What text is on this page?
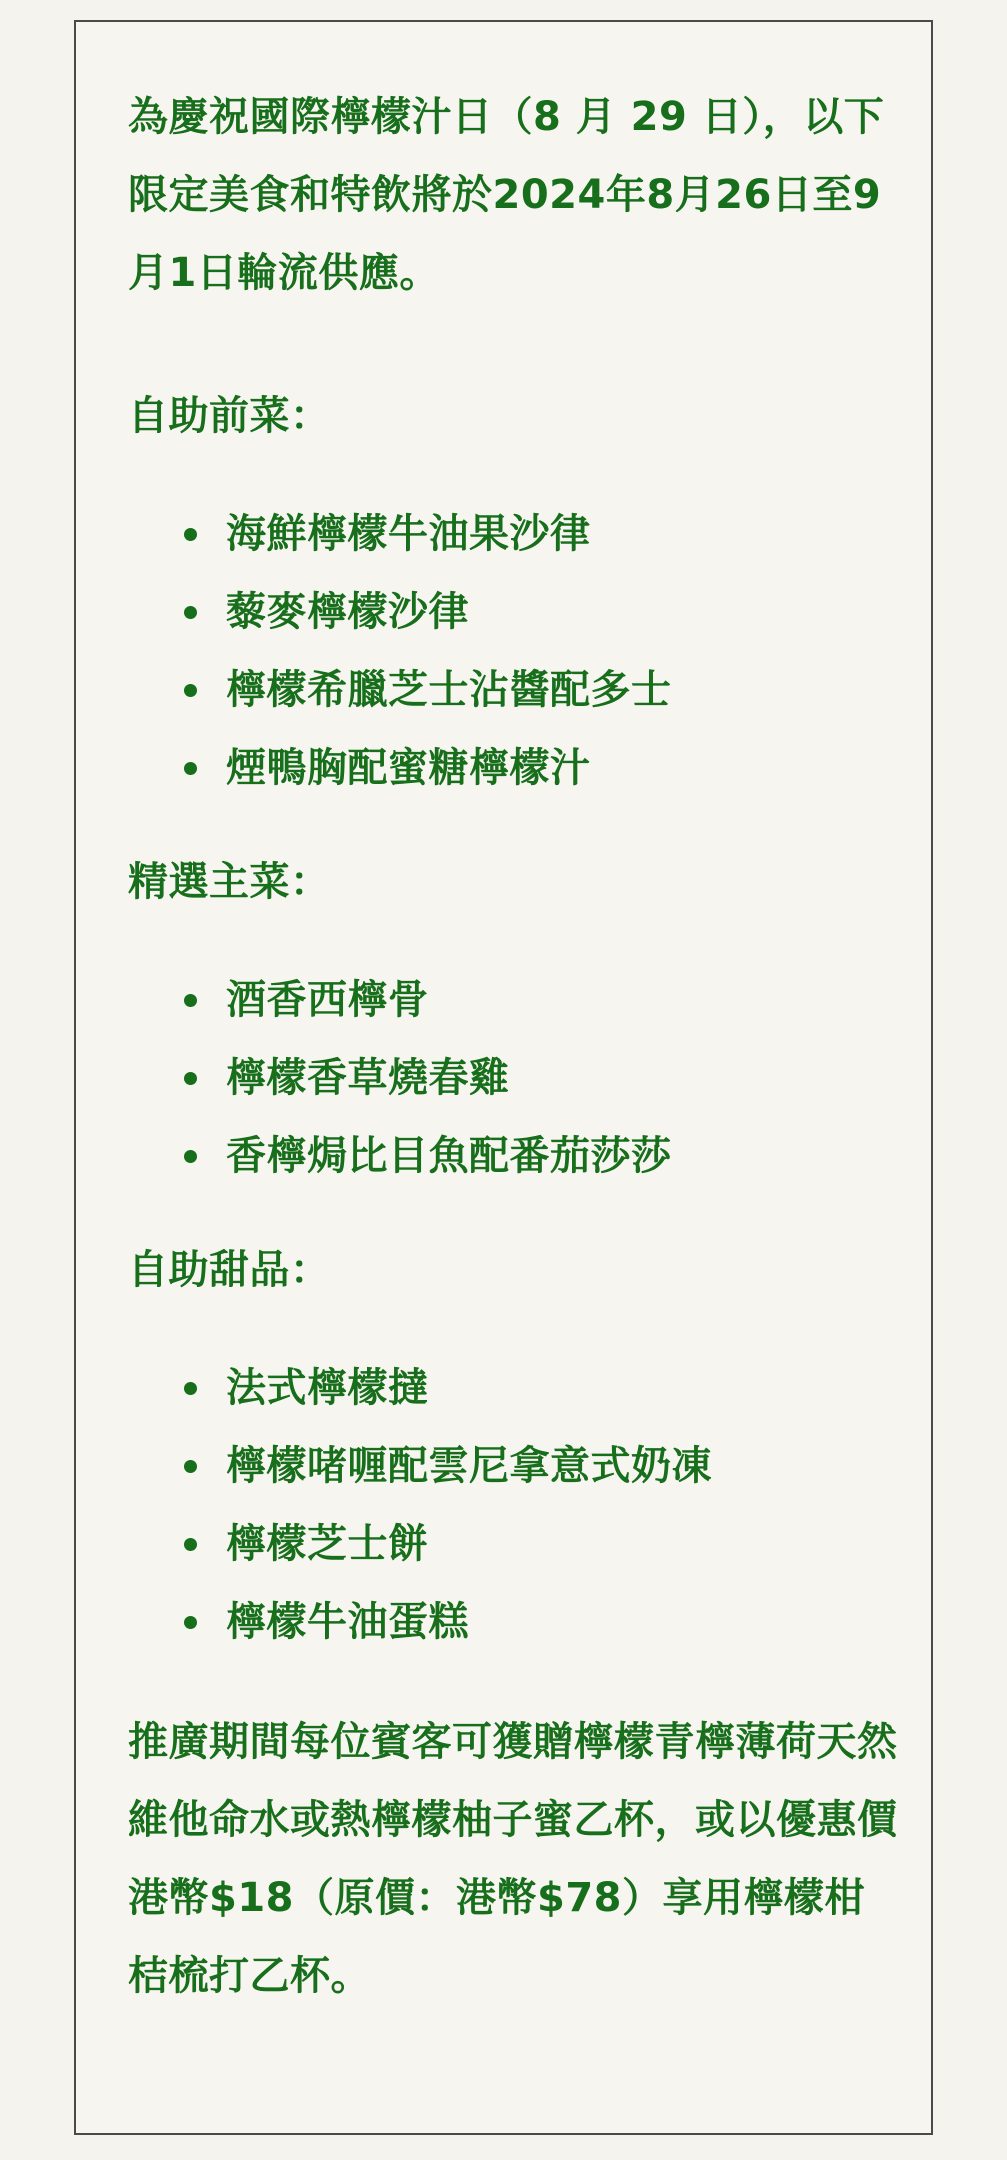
為慶祝國際檸檬汁日（8 月 29 日），以下限定美食和特飲將於2024年8月26日至9月1日輪流供應。

自助前菜：

海鮮檸檬牛油果沙律
藜麥檸檬沙律
檸檬希臘芝士沾醬配多士
煙鴨胸配蜜糖檸檬汁

精選主菜：

酒香西檸骨
檸檬香草燒春雞
香檸焗比目魚配番茄莎莎

自助甜品：

法式檸檬撻
檸檬啫喱配雲尼拿意式奶凍
檸檬芝士餅
檸檬牛油蛋糕

推廣期間每位賓客可獲贈檸檬青檸薄荷天然維他命水或熱檸檬柚子蜜乙杯，或以優惠價港幣$18（原價：港幣$78）享用檸檬柑桔梳打乙杯。
